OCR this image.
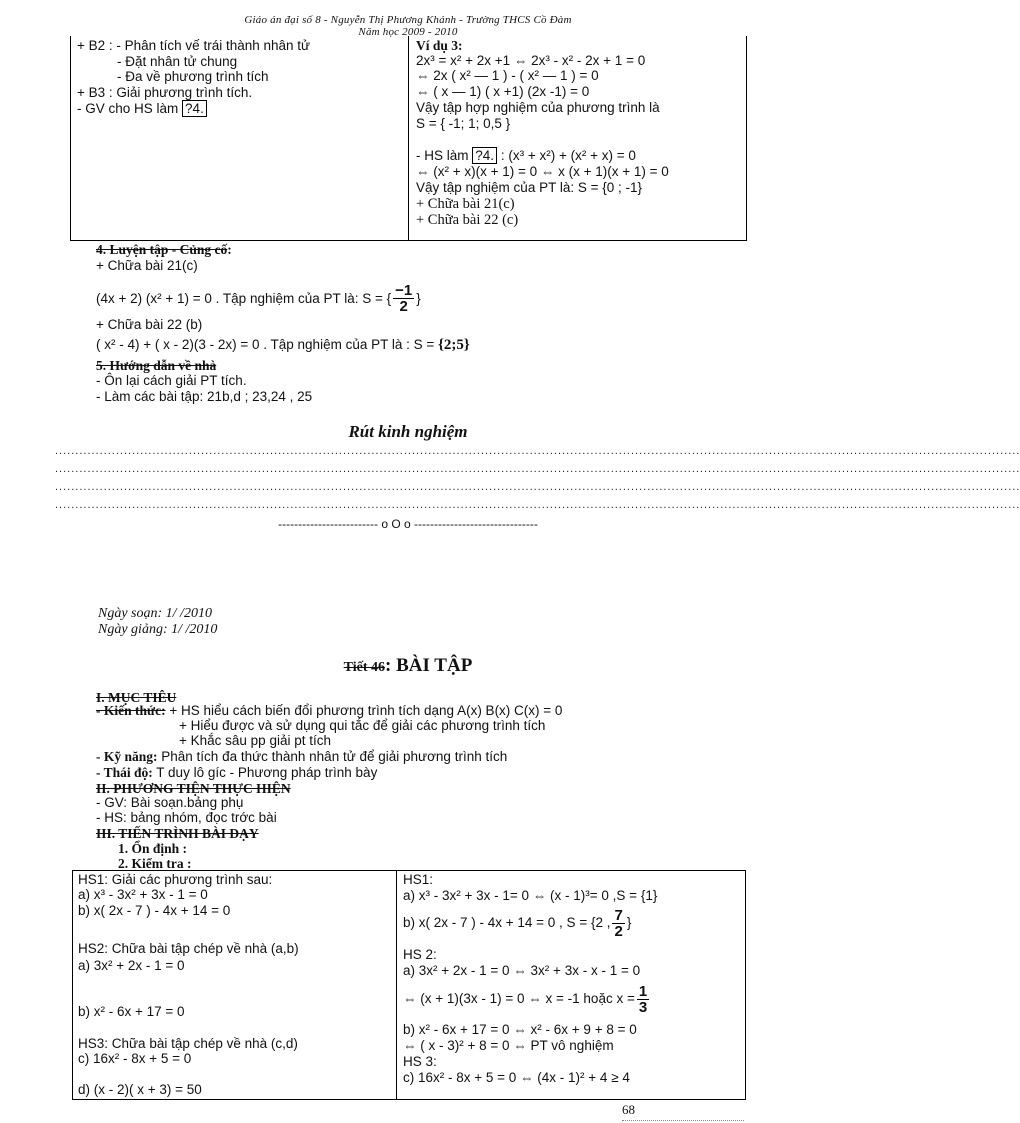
Giáo án đại số 8 - Nguyễn Thị Phương Khánh - Trường THCS Cồ Đàm
Năm học 2009 - 2010
+ B2 : - Phân tích vế trái thành nhân tử
- Đặt nhân tử chung
- Đa về phương trình tích
+ B3 : Giải phương trình tích.
- GV cho HS làm ?4.
Ví dụ 3:
2x³ = x² + 2x +1 ⇔ 2x³ - x² - 2x + 1 = 0
⇔ 2x ( x² — 1 ) - ( x² — 1 ) = 0
⇔ ( x — 1) ( x +1) (2x -1) = 0
Vậy tập hợp nghiệm của phương trình là
S = { -1; 1; 0,5 }
- HS làm ?4. : (x³ + x²) + (x² + x) = 0
⇔ (x² + x)(x + 1) = 0 ⇔ x (x + 1)(x + 1) = 0
Vậy tập nghiệm của PT là: S = {0 ; -1}
+ Chữa bài 21(c)
+ Chữa bài 22 (c)
4. Luyện tập - Củng cố:
+ Chữa bài 21(c)
(4x + 2) (x² + 1) = 0 . Tập nghiệm của PT là: S = { $\frac{-1}{2}$ }
+ Chữa bài 22 (b)
( x² - 4) + ( x - 2)(3 - 2x) = 0 . Tập nghiệm của PT là : S = {2;5}
5. Hướng dẫn về nhà
- Ôn lại cách giải PT tích.
- Làm các bài tập: 21b,d ; 23,24 , 25
Rút kinh nghiệm
..............................................................................................................................................................................................................................................
..............................................................................................................................................................................................................................................
..............................................................................................................................................................................................................................................
..............................................................................................................................................................................................................................................
------------------------- o O o -------------------------------
Ngày soạn: 1/ /2010
Ngày giảng: 1/ /2010
Tiết 46: BÀI TẬP
I. MỤC TIÊU
- Kiến thức: + HS hiểu cách biến đổi phương trình tích dạng A(x) B(x) C(x) = 0
+ Hiểu được và sử dụng qui tắc để giải các phương trình tích
+ Khắc sâu pp giải pt tích
- Kỹ năng: Phân tích đa thức thành nhân tử để giải phương trình tích
- Thái độ: T duy lô gíc - Phương pháp trình bày
II. PHƯƠNG TIỆN THỰC HIỆN
- GV: Bài soạn.bảng phụ
- HS: bảng nhóm, đọc trớc bài
III. TIẾN TRÌNH BÀI DẠY
1. Ổn định :
2. Kiểm tra :
HS1: Giải các phương trình sau:
a) x³ - 3x² + 3x - 1 = 0
b) x( 2x - 7 ) - 4x + 14 = 0
HS2: Chữa bài tập chép về nhà (a,b)
a) 3x² + 2x - 1 = 0
b) x² - 6x + 17 = 0
HS3: Chữa bài tập chép về nhà (c,d)
c) 16x² - 8x + 5 = 0
d) (x - 2)( x + 3) = 50
HS1:
a) x³ - 3x² + 3x - 1= 0 ⇔ (x - 1)³= 0 ,S = {1}
b) x( 2x - 7 ) - 4x + 14 = 0 , S = {2 , $\frac{7}{2}$ }
HS 2:
a) 3x² + 2x - 1 = 0 ⇔ 3x² + 3x - x - 1 = 0
⇔ (x + 1)(3x - 1) = 0 ⇔ x = -1 hoặc $x = \frac{1}{3}$
b) x² - 6x + 17 = 0 ⇔ x² - 6x + 9 + 8 = 0
⇔ ( x - 3)² + 8 = 0 ⇔ PT vô nghiệm
HS 3:
c) 16x² - 8x + 5 = 0 ⇔ (4x - 1)² + 4 ≥ 4
68
